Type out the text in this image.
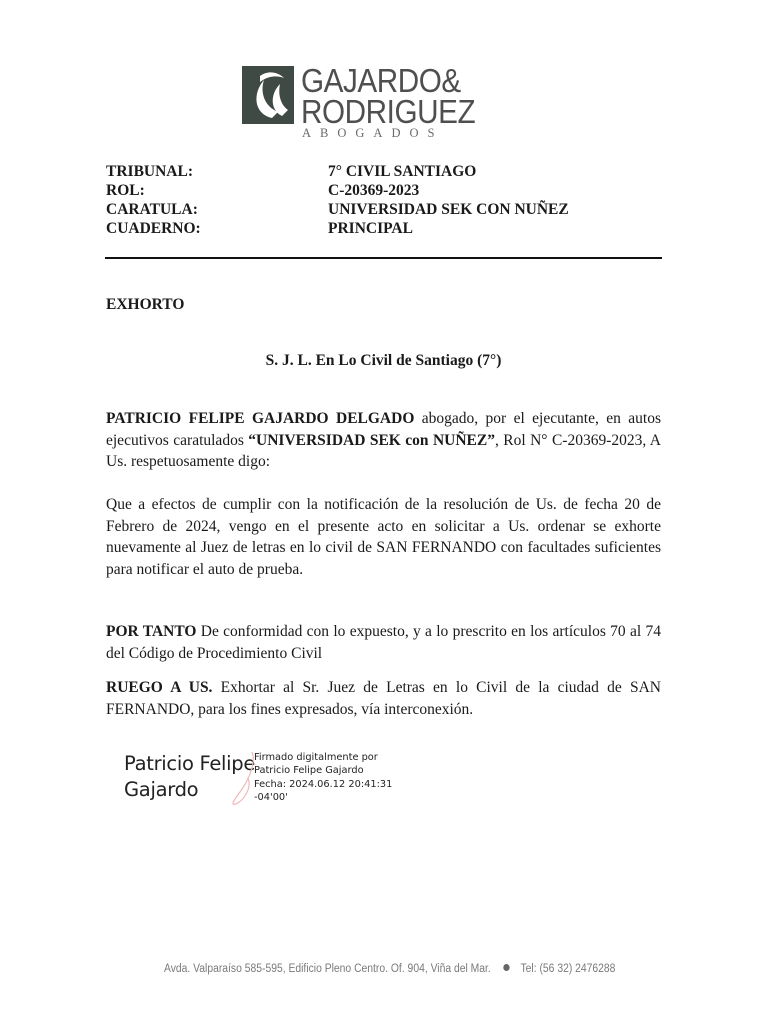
GAJARDO&
RODRIGUEZ
ABOGADOS
TRIBUNAL:	7° CIVIL SANTIAGO
ROL:	C-20369-2023
CARATULA:	UNIVERSIDAD SEK CON NUÑEZ
CUADERNO:	PRINCIPAL
EXHORTO
S. J. L. En Lo Civil de Santiago (7°)
PATRICIO FELIPE GAJARDO DELGADO abogado, por el ejecutante, en autos ejecutivos caratulados “UNIVERSIDAD SEK con NUÑEZ”, Rol N° C-20369-2023, A Us. respetuosamente digo:
Que a efectos de cumplir con la notificación de la resolución de Us. de fecha 20 de Febrero de 2024, vengo en el presente acto en solicitar a Us. ordenar se exhorte nuevamente al Juez de letras en lo civil de SAN FERNANDO con facultades suficientes para notificar el auto de prueba.
POR TANTO De conformidad con lo expuesto, y a lo prescrito en los artículos 70 al 74 del Código de Procedimiento Civil
RUEGO A US. Exhortar al Sr. Juez de Letras en lo Civil de la ciudad de SAN FERNANDO, para los fines expresados, vía interconexión.
Patricio Felipe
Gajardo
Firmado digitalmente por
Patricio Felipe Gajardo
Fecha: 2024.06.12 20:41:31
-04'00'
Avda. Valparaíso 585-595, Edificio Pleno Centro. Of. 904, Viña del Mar.	Tel: (56 32) 2476288
